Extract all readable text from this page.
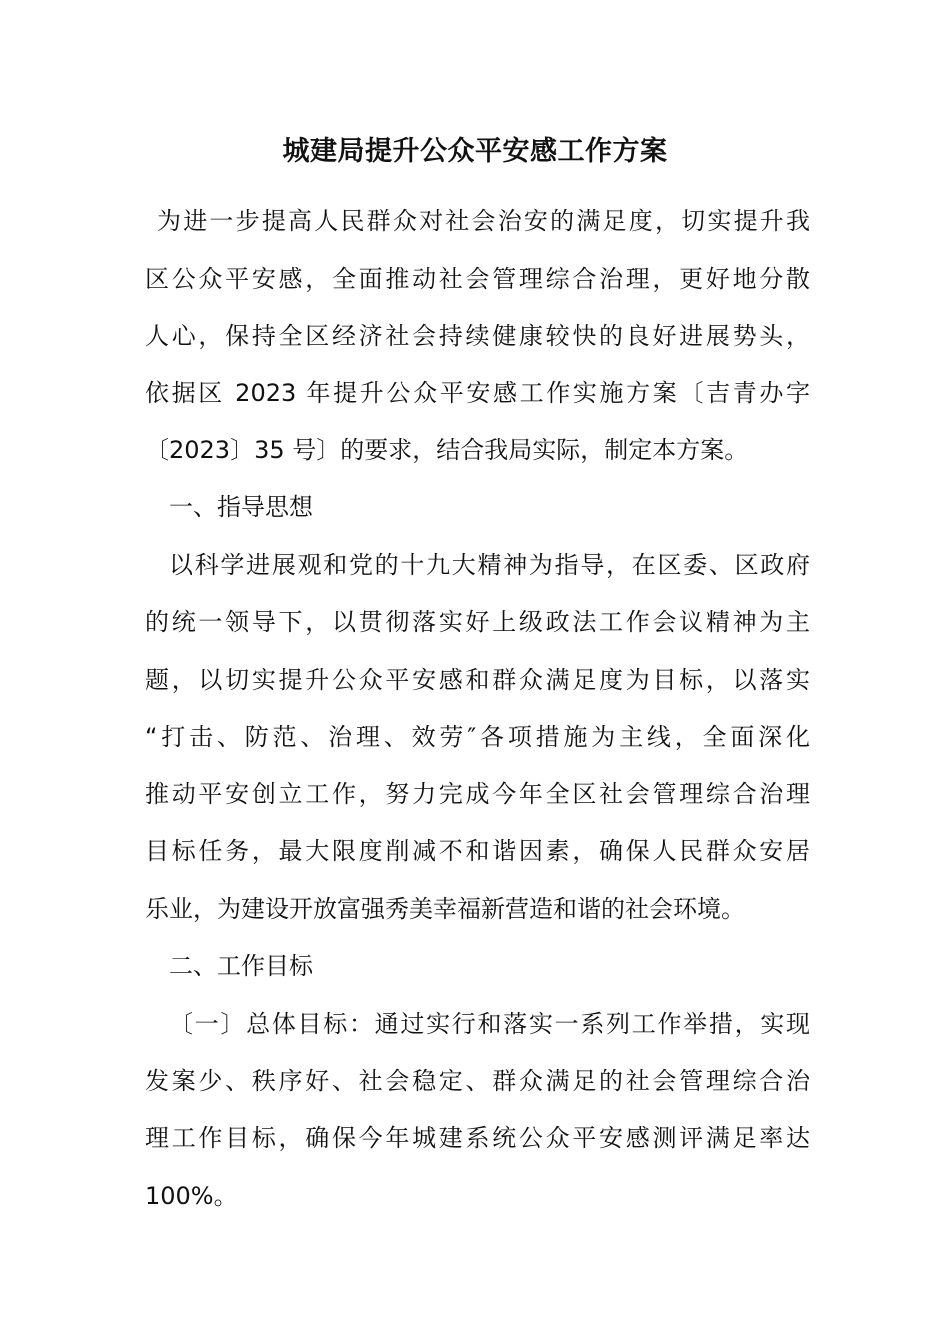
城建局提升公众平安感工作方案
为进一步提高人民群众对社会治安的满足度，切实提升我
区公众平安感，全面推动社会管理综合治理，更好地分散
人心，保持全区经济社会持续健康较快的良好进展势头，
依据区 2023 年提升公众平安感工作实施方案〔吉青办字
〔2023〕35 号〕的要求，结合我局实际，制定本方案。
一、指导思想
以科学进展观和党的十九大精神为指导，在区委、区政府
的统一领导下，以贯彻落实好上级政法工作会议精神为主
题，以切实提升公众平安感和群众满足度为目标，以落实
“打击、防范、治理、效劳″各项措施为主线，全面深化
推动平安创立工作，努力完成今年全区社会管理综合治理
目标任务，最大限度削减不和谐因素，确保人民群众安居
乐业，为建设开放富强秀美幸福新营造和谐的社会环境。
二、工作目标
〔一〕总体目标：通过实行和落实一系列工作举措，实现
发案少、秩序好、社会稳定、群众满足的社会管理综合治
理工作目标，确保今年城建系统公众平安感测评满足率达
100%。
